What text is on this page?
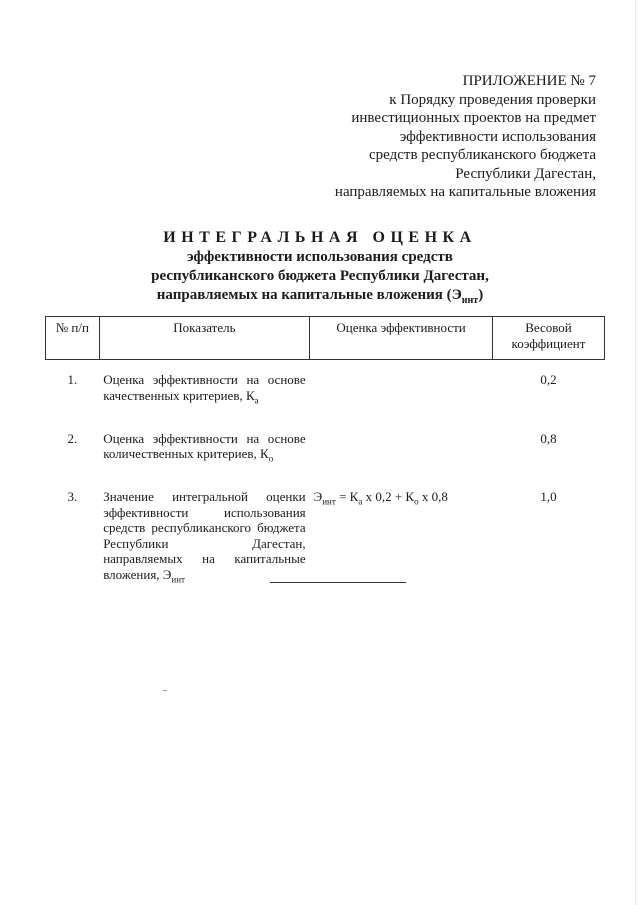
ПРИЛОЖЕНИЕ № 7
к Порядку проведения проверки
инвестиционных проектов на предмет
эффективности использования
средств республиканского бюджета
Республики Дагестан,
направляемых на капитальные вложения
ИНТЕГРАЛЬНАЯ ОЦЕНКА
эффективности использования средств
республиканского бюджета Республики Дагестан,
направляемых на капитальные вложения $(Э_{инт})$
№ п/п	Показатель	Оценка эффективности	Весовой коэффициент
1.	Оценка эффективности на основе качественных критериев, $К_а$		0,2
2.	Оценка эффективности на основе количественных критериев, $К_о$		0,8
3.	Значение интегральной оценки эффективности использования средств республиканского бюджета Республики Дагестан, направляемых на капитальные вложения, $Э_{инт}$	$Э_{инт} = К_а$ х $0,2 + К_о$ х 0,8	1,0
